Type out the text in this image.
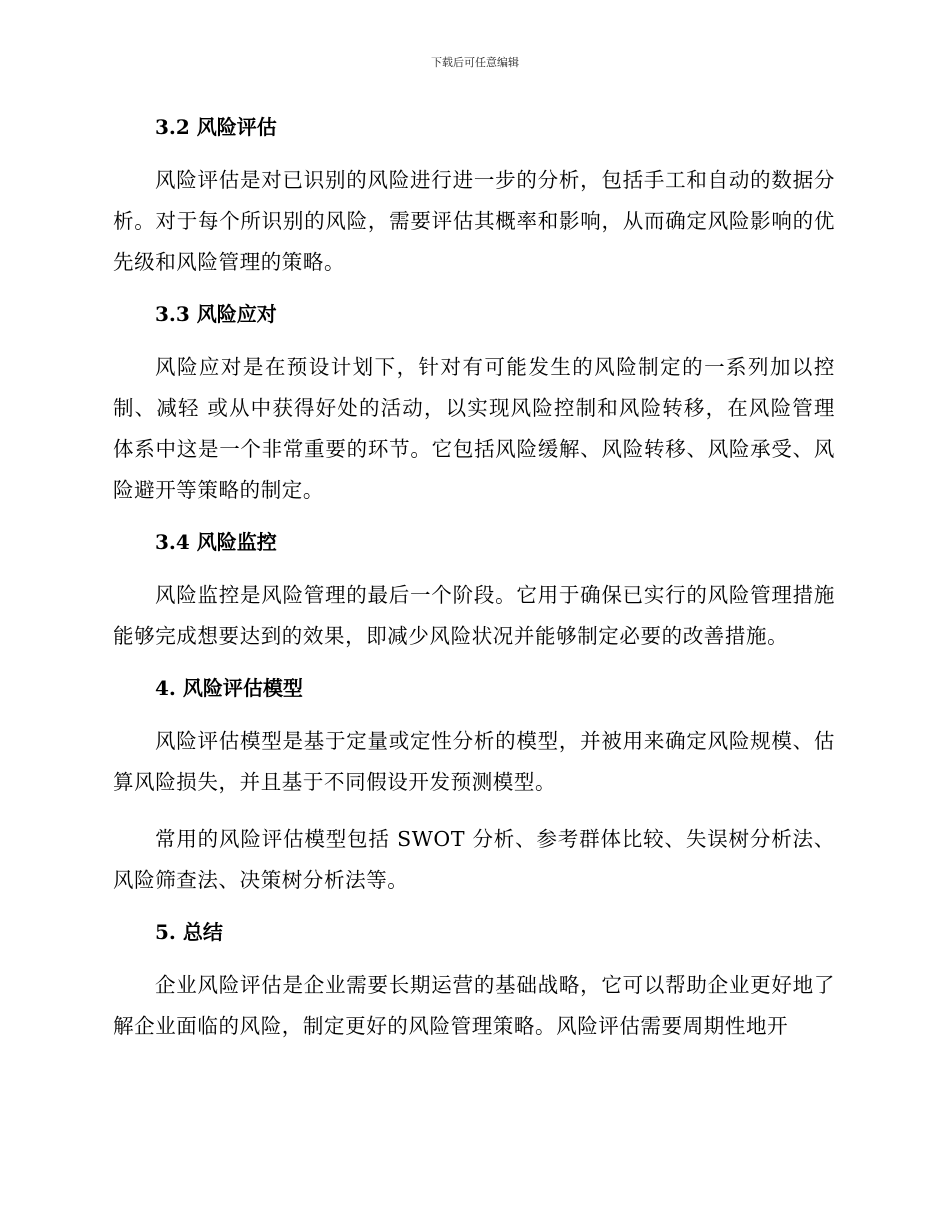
下载后可任意编辑

3.2 风险评估

风险评估是对已识别的风险进行进一步的分析，包括手工和自动的数据分析。对于每个所识别的风险，需要评估其概率和影响，从而确定风险影响的优先级和风险管理的策略。

3.3 风险应对

风险应对是在预设计划下，针对有可能发生的风险制定的一系列加以控制、减轻 或从中获得好处的活动，以实现风险控制和风险转移，在风险管理体系中这是一个非常重要的环节。它包括风险缓解、风险转移、风险承受、风险避开等策略的制定。

3.4 风险监控

风险监控是风险管理的最后一个阶段。它用于确保已实行的风险管理措施能够完成想要达到的效果，即减少风险状况并能够制定必要的改善措施。

4. 风险评估模型

风险评估模型是基于定量或定性分析的模型，并被用来确定风险规模、估算风险损失，并且基于不同假设开发预测模型。

常用的风险评估模型包括 SWOT 分析、参考群体比较、失误树分析法、风险筛查法、决策树分析法等。

5. 总结

企业风险评估是企业需要长期运营的基础战略，它可以帮助企业更好地了解企业面临的风险，制定更好的风险管理策略。风险评估需要周期性地开
